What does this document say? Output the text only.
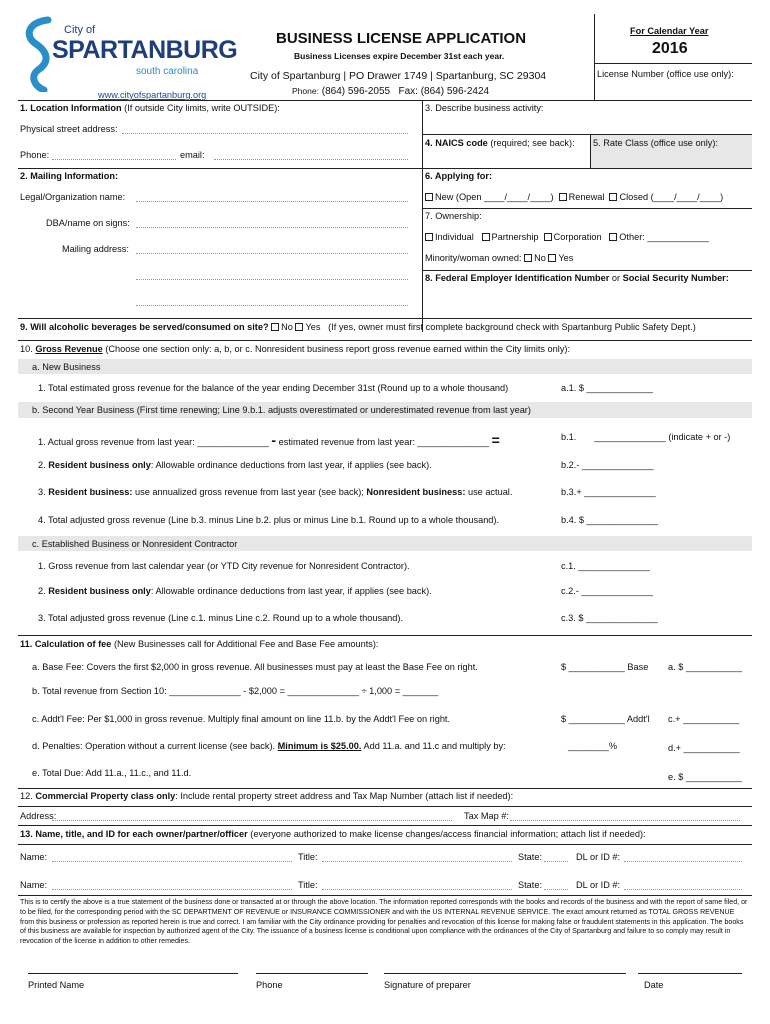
City of
SPARTANBURG
south carolina
www.cityofspartanburg.org
BUSINESS LICENSE APPLICATION
Business Licenses expire December 31st each year.
City of Spartanburg | PO Drawer 1749 | Spartanburg, SC 29304
Phone: (864) 596-2055 Fax: (864) 596-2424
For Calendar Year
2016
License Number (office use only):
1. Location Information (If outside City limits, write OUTSIDE):
Physical street address:
Phone:	email:
3. Describe business activity:
4. NAICS code (required; see back): 5. Rate Class (office use only):
2. Mailing Information:
Legal/Organization name:
DBA/name on signs:
Mailing address:
6. Applying for:
New (Open ____/____/____) Renewal Closed (____/____/____)
7. Ownership:
Individual Partnership Corporation Other: ____________
Minority/woman owned: No Yes
8. Federal Employer Identification Number or Social Security Number:
9. Will alcoholic beverages be served/consumed on site? No Yes (If yes, owner must first complete background check with Spartanburg Public Safety Dept.)
10. Gross Revenue (Choose one section only: a, b, or c. Nonresident business report gross revenue earned within the City limits only):
a. New Business
1. Total estimated gross revenue for the balance of the year ending December 31st (Round up to a whole thousand)	a.1. $ _____________
b. Second Year Business (First time renewing; Line 9.b.1. adjusts overestimated or underestimated revenue from last year)
1. Actual gross revenue from last year: ______________ - estimated revenue from last year: ______________ =	b.1. ______________ (indicate + or -)
2. Resident business only: Allowable ordinance deductions from last year, if applies (see back).	b.2.- ______________
3. Resident business: use annualized gross revenue from last year (see back); Nonresident business: use actual.	b.3.+ ______________
4. Total adjusted gross revenue (Line b.3. minus Line b.2. plus or minus Line b.1. Round up to a whole thousand).	b.4. $ ______________
c. Established Business or Nonresident Contractor
1. Gross revenue from last calendar year (or YTD City revenue for Nonresident Contractor).	c.1. ______________
2. Resident business only: Allowable ordinance deductions from last year, if applies (see back).	c.2.- ______________
3. Total adjusted gross revenue (Line c.1. minus Line c.2. Round up to a whole thousand).	c.3. $ ______________
11. Calculation of fee (New Businesses call for Additional Fee and Base Fee amounts):
a. Base Fee: Covers the first $2,000 in gross revenue. All businesses must pay at least the Base Fee on right.	$ ___________ Base a. $ ___________
b. Total revenue from Section 10: ______________ - $2,000 = ______________ ÷ 1,000 = _______
c. Addt'l Fee: Per $1,000 in gross revenue. Multiply final amount on line 11.b. by the Addt'l Fee on right.	$ ___________ Addt'l c.+ ___________
d. Penalties: Operation without a current license (see back). Minimum is $25.00. Add 11.a. and 11.c and multiply by:	________%	d.+ ___________
e. Total Due: Add 11.a., 11.c., and 11.d.	e. $ ___________
12. Commercial Property class only: Include rental property street address and Tax Map Number (attach list if needed):
Address:	Tax Map #:
13. Name, title, and ID for each owner/partner/officer (everyone authorized to make license changes/access financial information; attach list if needed):
Name:	Title:	State:	DL or ID #:
Name:	Title:	State:	DL or ID #:
This is to certify the above is a true statement of the business done or transacted at or through the above location. The information reported corresponds with the books and records of the business and with the report of same filed, or to be filed, for the corresponding period with the SC DEPARTMENT OF REVENUE or INSURANCE COMMISSIONER and with the US INTERNAL REVENUE SERVICE. The exact amount returned as TOTAL GROSS REVENUE from this business or profession as reported herein is true and correct. I am familiar with the City ordinance providing for penalties and revocation of this license for making false or fraudulent statements in this application. The books of this business are available for inspection by authorized agent of the City. The issuance of a business license is conditional upon compliance with the ordinances of the City of Spartanburg and failure to so comply may result in revocation of the license in addition to other remedies.
Printed Name	Phone	Signature of preparer	Date
